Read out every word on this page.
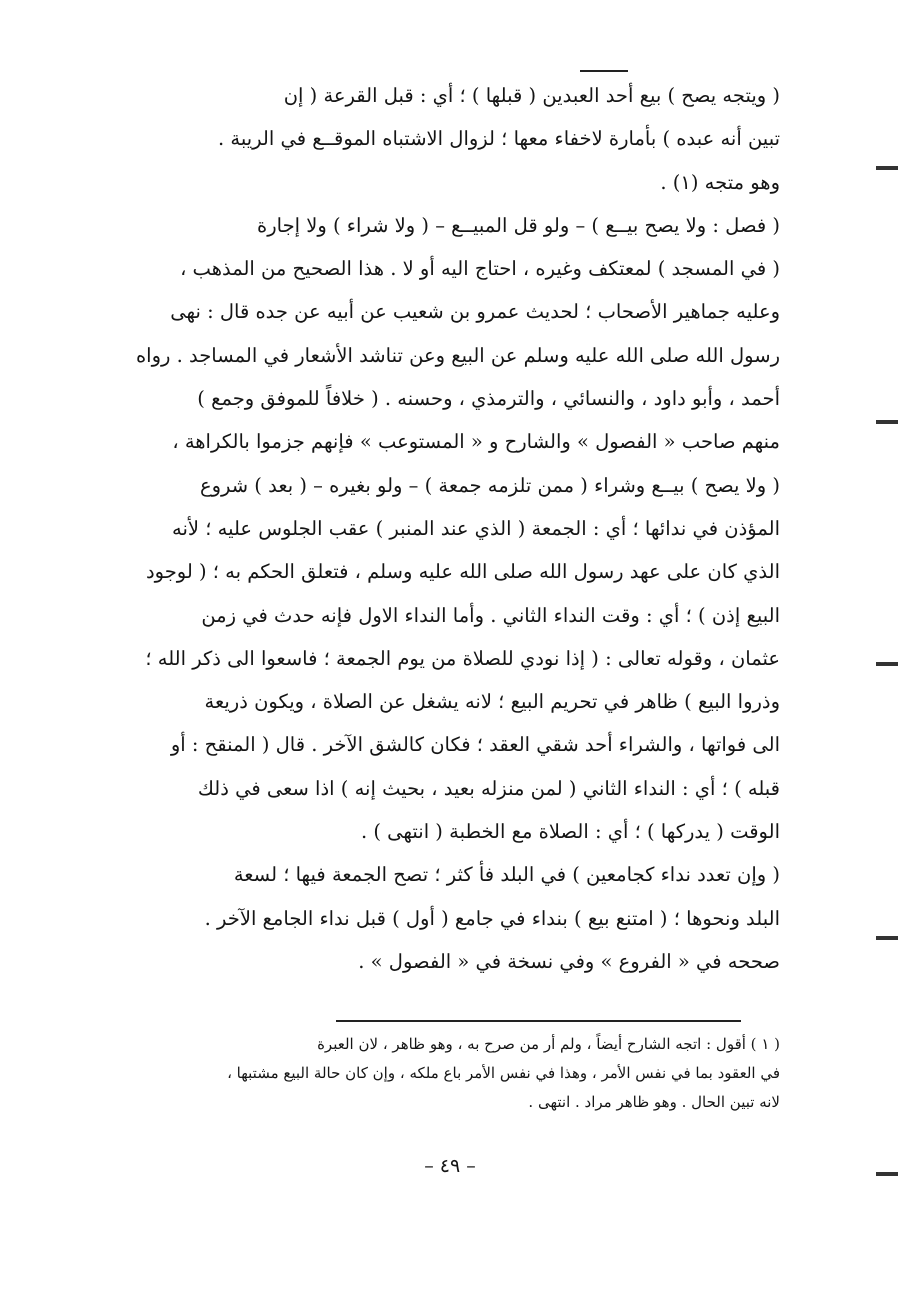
( ويتجه يصح ) بيع أحد العبدين ( قبلها ) ؛ أي : قبل القرعة ( إن
تبين أنه عبده ) بأمارة لاخفاء معها ؛ لزوال الاشتباه الموقــع في الريبة .
وهو متجه (١) .
( فصل : ولا يصح بيــع ) – ولو قل المبيــع – ( ولا شراء ) ولا إجارة
( في المسجد ) لمعتكف وغيره ، احتاج اليه أو لا . هذا الصحيح من المذهب ،
وعليه جماهير الأصحاب ؛ لحديث عمرو بن شعيب عن أبيه عن جده قال : نهى
رسول الله صلى الله عليه وسلم عن البيع وعن تناشد الأشعار في المساجد . رواه
أحمد ، وأبو داود ، والنسائي ، والترمذي ، وحسنه . ( خلافاً للموفق وجمع )
منهم صاحب « الفصول » والشارح و « المستوعب » فإنهم جزموا بالكراهة ،
( ولا يصح ) بيــع وشراء ( ممن تلزمه جمعة ) – ولو بغيره – ( بعد ) شروع
المؤذن في ندائها ؛ أي : الجمعة ( الذي عند المنبر ) عقب الجلوس عليه ؛ لأنه
الذي كان على عهد رسول الله صلى الله عليه وسلم ، فتعلق الحكم به ؛ ( لوجود
البيع إذن ) ؛ أي : وقت النداء الثاني . وأما النداء الاول فإنه حدث في زمن
عثمان ، وقوله تعالى : ( إذا نودي للصلاة من يوم الجمعة ؛ فاسعوا الى ذكر الله ؛
وذروا البيع ) ظاهر في تحريم البيع ؛ لانه يشغل عن الصلاة ، ويكون ذريعة
الى فواتها ، والشراء أحد شقي العقد ؛ فكان كالشق الآخر . قال ( المنقح : أو
قبله ) ؛ أي : النداء الثاني ( لمن منزله بعيد ، بحيث إنه ) اذا سعى في ذلك
الوقت ( يدركها ) ؛ أي : الصلاة مع الخطبة ( انتهى ) .
( وإن تعدد نداء كجامعين ) في البلد فأ كثر ؛ تصح الجمعة فيها ؛ لسعة
البلد ونحوها ؛ ( امتنع بيع ) بنداء في جامع ( أول ) قبل نداء الجامع الآخر .
صححه في « الفروع » وفي نسخة في « الفصول » .
( ١ ) أقول : اتجه الشارح أيضاً ، ولم أر من صرح به ، وهو ظاهر ، لان العبرة
في العقود بما في نفس الأمر ، وهذا في نفس الأمر باع ملكه ، وإن كان حالة البيع مشتبها ،
لانه تبين الحال . وهو ظاهر مراد . انتهى .
– ٤٩ –
